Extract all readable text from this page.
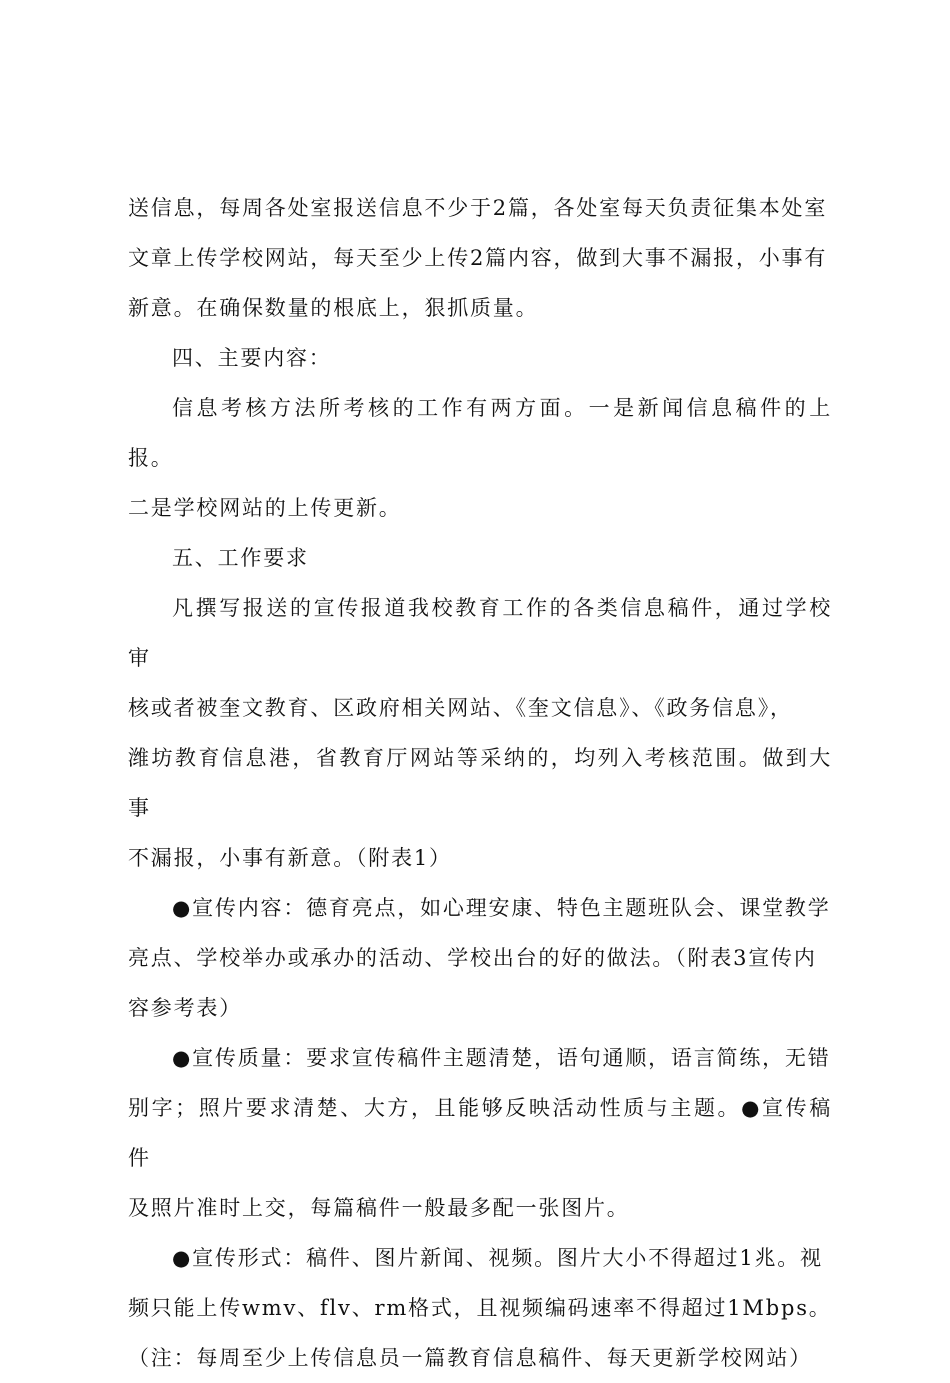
送信息，每周各处室报送信息不少于2篇，各处室每天负责征集本处室
文章上传学校网站，每天至少上传2篇内容，做到大事不漏报，小事有
新意。在确保数量的根底上，狠抓质量。
四、主要内容：
信息考核方法所考核的工作有两方面。一是新闻信息稿件的上报。
二是学校网站的上传更新。
五、工作要求
凡撰写报送的宣传报道我校教育工作的各类信息稿件，通过学校审
核或者被奎文教育、区政府相关网站、《奎文信息》、《政务信息》，
潍坊教育信息港，省教育厅网站等采纳的，均列入考核范围。做到大事
不漏报，小事有新意。（附表1）
●宣传内容：德育亮点，如心理安康、特色主题班队会、课堂教学
亮点、学校举办或承办的活动、学校出台的好的做法。（附表3宣传内
容参考表）
●宣传质量：要求宣传稿件主题清楚，语句通顺，语言简练，无错
别字；照片要求清楚、大方，且能够反映活动性质与主题。●宣传稿件
及照片准时上交，每篇稿件一般最多配一张图片。
●宣传形式：稿件、图片新闻、视频。图片大小不得超过1兆。视
频只能上传wmv、flv、rm格式，且视频编码速率不得超过1Mbps。
（注：每周至少上传信息员一篇教育信息稿件、每天更新学校网站）
